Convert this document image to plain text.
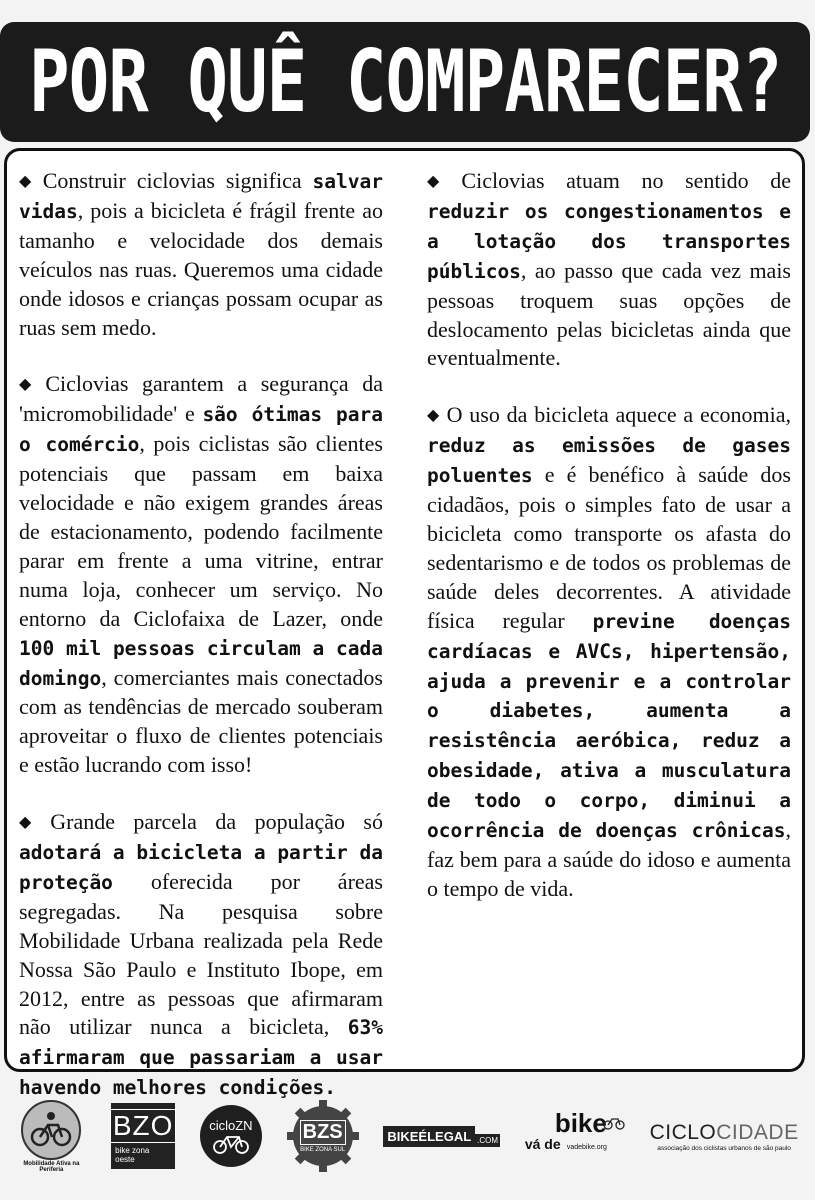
POR QUÊ COMPARECER?

◆ Construir ciclovias significa salvar vidas, pois a bicicleta é frágil frente ao tamanho e velocidade dos demais veículos nas ruas. Queremos uma cidade onde idosos e crianças possam ocupar as ruas sem medo.

◆ Ciclovias garantem a segurança da 'micromobilidade' e são ótimas para o comércio, pois ciclistas são clientes potenciais que passam em baixa velocidade e não exigem grandes áreas de estacionamento, podendo facilmente parar em frente a uma vitrine, entrar numa loja, conhecer um serviço. No entorno da Ciclofaixa de Lazer, onde 100 mil pessoas circulam a cada domingo, comerciantes mais conectados com as tendências de mercado souberam aproveitar o fluxo de clientes potenciais e estão lucrando com isso!

◆ Grande parcela da população só adotará a bicicleta a partir da proteção oferecida por áreas segregadas. Na pesquisa sobre Mobilidade Urbana realizada pela Rede Nossa São Paulo e Instituto Ibope, em 2012, entre as pessoas que afirmaram não utilizar nunca a bicicleta, 63% afirmaram que passariam a usar havendo melhores condições.

◆ Ciclovias atuam no sentido de reduzir os congestionamentos e a lotação dos transportes públicos, ao passo que cada vez mais pessoas troquem suas opções de deslocamento pelas bicicletas ainda que eventualmente.

◆ O uso da bicicleta aquece a economia, reduz as emissões de gases poluentes e é benéfico à saúde dos cidadãos, pois o simples fato de usar a bicicleta como transporte os afasta do sedentarismo e de todos os problemas de saúde deles decorrentes. A atividade física regular previne doenças cardíacas e AVCs, hipertensão, ajuda a prevenir e a controlar o diabetes, aumenta a resistência aeróbica, reduz a obesidade, ativa a musculatura de todo o corpo, diminui a ocorrência de doenças crônicas, faz bem para a saúde do idoso e aumenta o tempo de vida.

Mobilidade Ativa na Periferia
BZO
bike zona oeste
cicloZN	BZS
BIKE ZONA SUL
BIKEÉLEGAL .COM
bike
vá de vadebike.org
CICLO CIDADE
associação dos ciclistas urbanos de são paulo
